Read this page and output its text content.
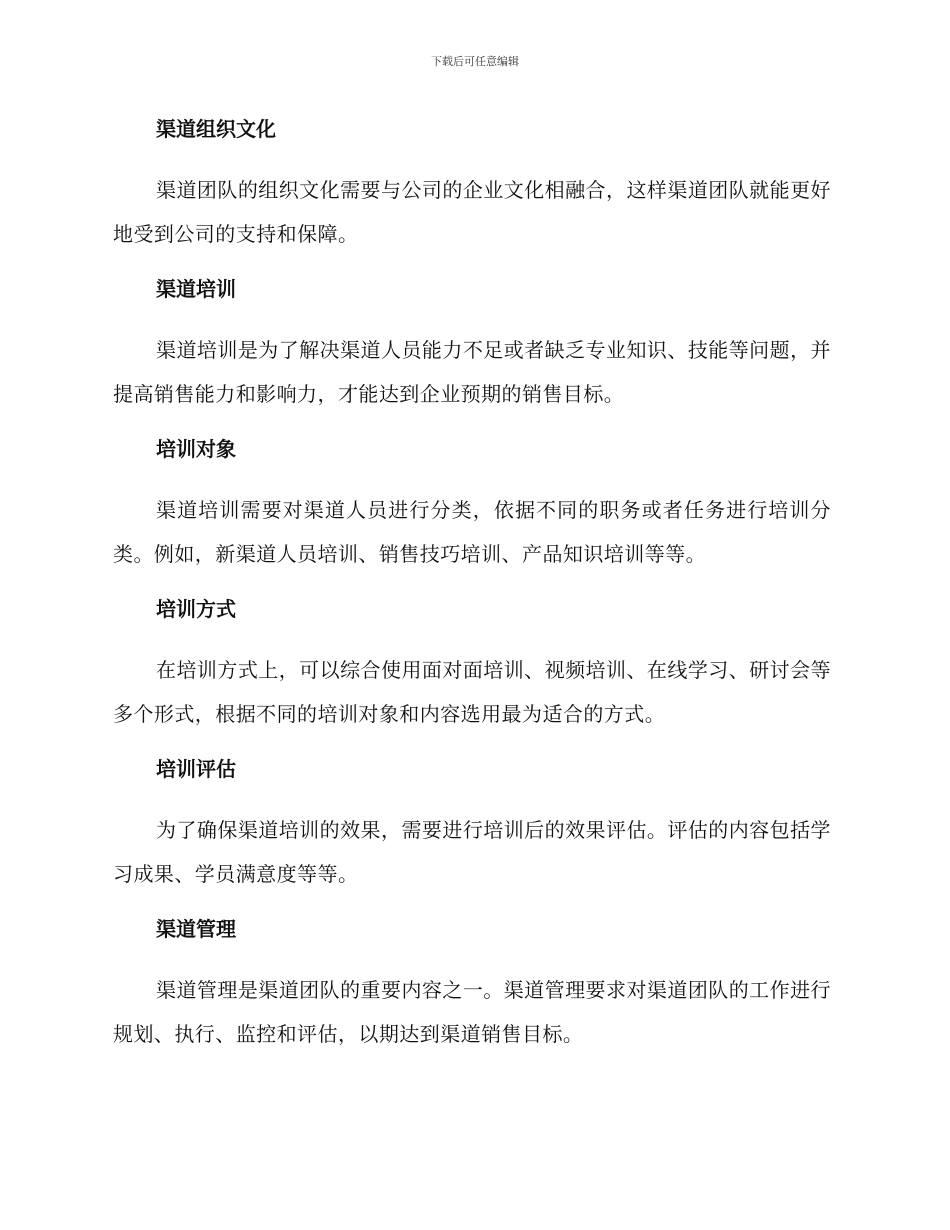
下载后可任意编辑
渠道组织文化

渠道团队的组织文化需要与公司的企业文化相融合，这样渠道团队就能更好地受到公司的支持和保障。

渠道培训

渠道培训是为了解决渠道人员能力不足或者缺乏专业知识、技能等问题，并提高销售能力和影响力，才能达到企业预期的销售目标。

培训对象

渠道培训需要对渠道人员进行分类，依据不同的职务或者任务进行培训分类。例如，新渠道人员培训、销售技巧培训、产品知识培训等等。

培训方式

在培训方式上，可以综合使用面对面培训、视频培训、在线学习、研讨会等多个形式，根据不同的培训对象和内容选用最为适合的方式。

培训评估

为了确保渠道培训的效果，需要进行培训后的效果评估。评估的内容包括学习成果、学员满意度等等。

渠道管理

渠道管理是渠道团队的重要内容之一。渠道管理要求对渠道团队的工作进行规划、执行、监控和评估，以期达到渠道销售目标。
